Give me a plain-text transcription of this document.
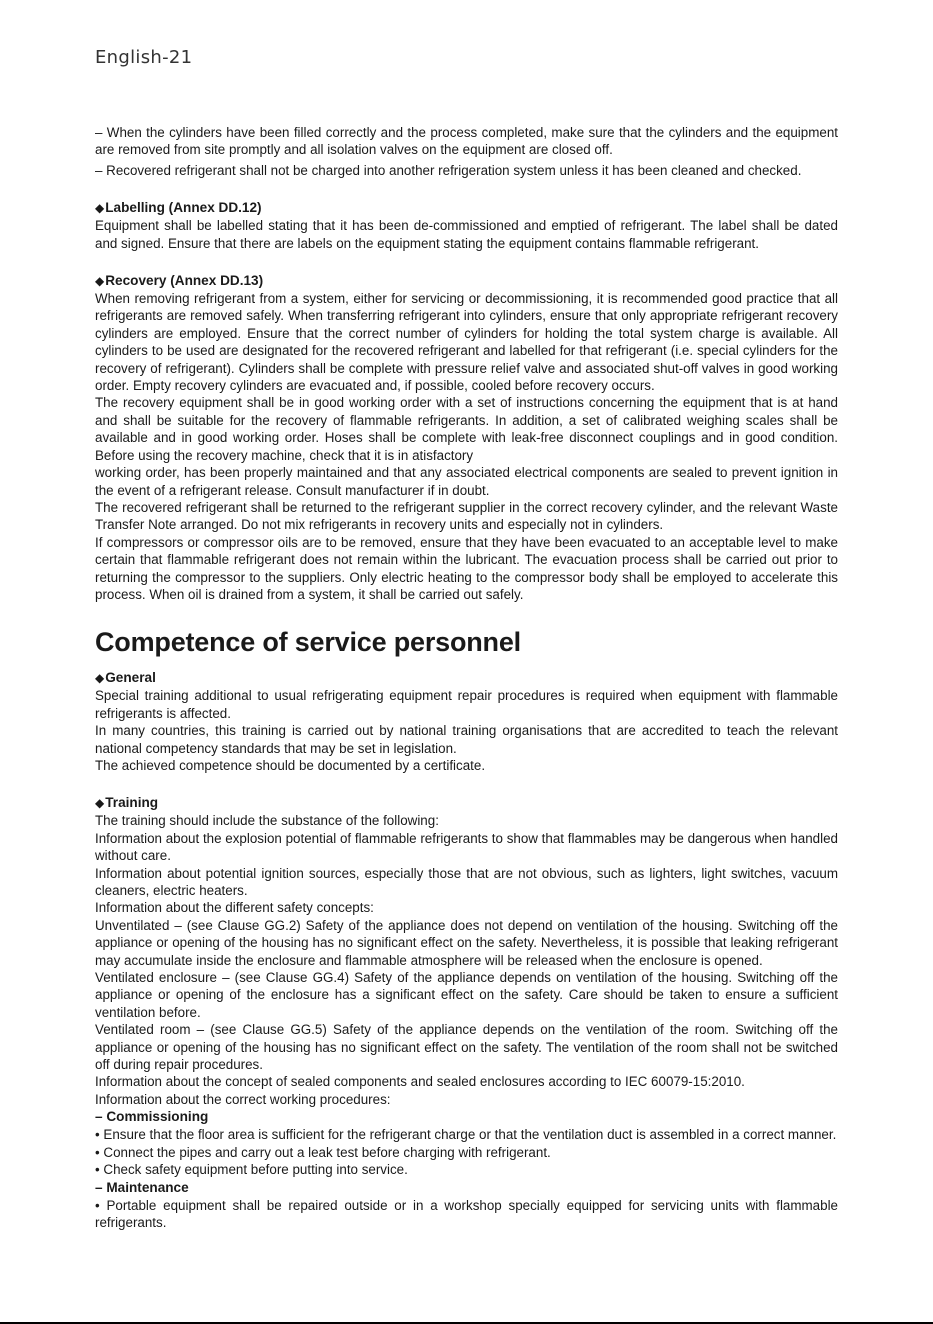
English-21

– When the cylinders have been filled correctly and the process completed, make sure that the cylinders and the equipment are removed from site promptly and all isolation valves on the equipment are closed off.

– Recovered refrigerant shall not be charged into another refrigeration system unless it has been cleaned and checked.

◆Labelling (Annex DD.12)

Equipment shall be labelled stating that it has been de-commissioned and emptied of refrigerant. The label shall be dated and signed. Ensure that there are labels on the equipment stating the equipment contains flammable refrigerant.

◆Recovery (Annex DD.13)

When removing refrigerant from a system, either for servicing or decommissioning, it is recommended good practice that all refrigerants are removed safely. When transferring refrigerant into cylinders, ensure that only appropriate refrigerant recovery cylinders are employed. Ensure that the correct number of cylinders for holding the total system charge is available. All cylinders to be used are designated for the recovered refrigerant and labelled for that refrigerant (i.e. special cylinders for the recovery of refrigerant). Cylinders shall be complete with pressure relief valve and associated shut-off valves in good working order. Empty recovery cylinders are evacuated and, if possible, cooled before recovery occurs.

The recovery equipment shall be in good working order with a set of instructions concerning the equipment that is at hand and shall be suitable for the recovery of flammable refrigerants. In addition, a set of calibrated weighing scales shall be available and in good working order. Hoses shall be complete with leak-free disconnect couplings and in good condition. Before using the recovery machine, check that it is in atisfactory

working order, has been properly maintained and that any associated electrical components are sealed to prevent ignition in the event of a refrigerant release. Consult manufacturer if in doubt.

The recovered refrigerant shall be returned to the refrigerant supplier in the correct recovery cylinder, and the relevant Waste Transfer Note arranged. Do not mix refrigerants in recovery units and especially not in cylinders.

If compressors or compressor oils are to be removed, ensure that they have been evacuated to an acceptable level to make certain that flammable refrigerant does not remain within the lubricant. The evacuation process shall be carried out prior to returning the compressor to the suppliers. Only electric heating to the compressor body shall be employed to accelerate this process. When oil is drained from a system, it shall be carried out safely.

Competence of service personnel
◆General

Special training additional to usual refrigerating equipment repair procedures is required when equipment with flammable refrigerants is affected.

In many countries, this training is carried out by national training organisations that are accredited to teach the relevant national competency standards that may be set in legislation.

The achieved competence should be documented by a certificate.

◆Training

The training should include the substance of the following:

Information about the explosion potential of flammable refrigerants to show that flammables may be dangerous when handled without care.

Information about potential ignition sources, especially those that are not obvious, such as lighters, light switches, vacuum cleaners, electric heaters.

Information about the different safety concepts:

Unventilated – (see Clause GG.2) Safety of the appliance does not depend on ventilation of the housing. Switching off the appliance or opening of the housing has no significant effect on the safety. Nevertheless, it is possible that leaking refrigerant may accumulate inside the enclosure and flammable atmosphere will be released when the enclosure is opened.

Ventilated enclosure – (see Clause GG.4) Safety of the appliance depends on ventilation of the housing. Switching off the appliance or opening of the enclosure has a significant effect on the safety. Care should be taken to ensure a sufficient ventilation before.

Ventilated room – (see Clause GG.5) Safety of the appliance depends on the ventilation of the room. Switching off the appliance or opening of the housing has no significant effect on the safety. The ventilation of the room shall not be switched off during repair procedures.

Information about the concept of sealed components and sealed enclosures according to IEC 60079-15:2010.

Information about the correct working procedures:

– Commissioning

• Ensure that the floor area is sufficient for the refrigerant charge or that the ventilation duct is assembled in a correct manner.

• Connect the pipes and carry out a leak test before charging with refrigerant.

• Check safety equipment before putting into service.

– Maintenance

• Portable equipment shall be repaired outside or in a workshop specially equipped for servicing units with flammable refrigerants.
